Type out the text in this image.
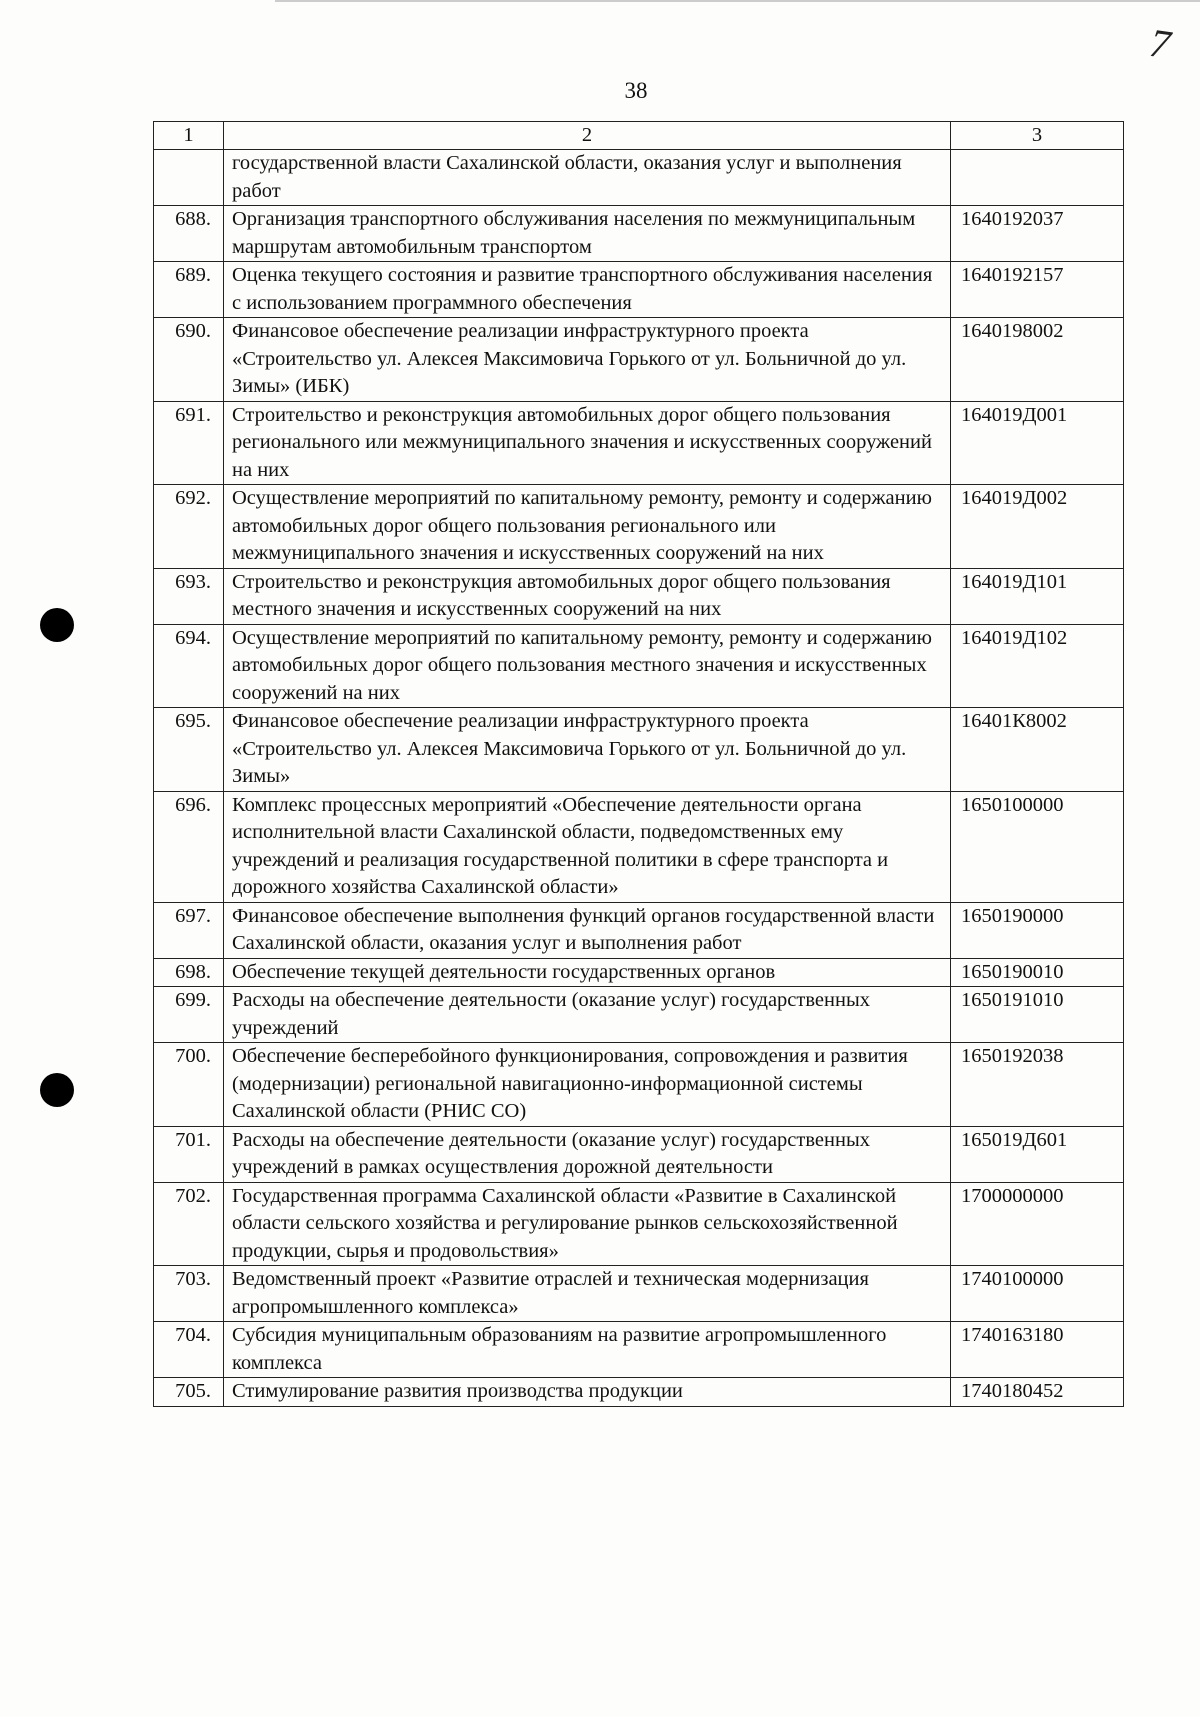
7
38
1	2	3
	государственной власти Сахалинской области, оказания услуг и выполнения работ	
688.	Организация транспортного обслуживания населения по межмуниципальным маршрутам автомобильным транспортом	1640192037
689.	Оценка текущего состояния и развитие транспортного обслуживания населения с использованием программного обеспечения	1640192157
690.	Финансовое обеспечение реализации инфраструктурного проекта «Строительство ул. Алексея Максимовича Горького от ул. Больничной до ул. Зимы» (ИБК)	1640198002
691.	Строительство и реконструкция автомобильных дорог общего пользования регионального или межмуниципального значения и искусственных сооружений на них	164019Д001
692.	Осуществление мероприятий по капитальному ремонту, ремонту и содержанию автомобильных дорог общего пользования регионального или межмуниципального значения и искусственных сооружений на них	164019Д002
693.	Строительство и реконструкция автомобильных дорог общего пользования местного значения и искусственных сооружений на них	164019Д101
694.	Осуществление мероприятий по капитальному ремонту, ремонту и содержанию автомобильных дорог общего пользования местного значения и искусственных сооружений на них	164019Д102
695.	Финансовое обеспечение реализации инфраструктурного проекта «Строительство ул. Алексея Максимовича Горького от ул. Больничной до ул. Зимы»	16401К8002
696.	Комплекс процессных мероприятий «Обеспечение деятельности органа исполнительной власти Сахалинской области, подведомственных ему учреждений и реализация государственной политики в сфере транспорта и дорожного хозяйства Сахалинской области»	1650100000
697.	Финансовое обеспечение выполнения функций органов государственной власти Сахалинской области, оказания услуг и выполнения работ	1650190000
698.	Обеспечение текущей деятельности государственных органов	1650190010
699.	Расходы на обеспечение деятельности (оказание услуг) государственных учреждений	1650191010
700.	Обеспечение бесперебойного функционирования, сопровождения и развития (модернизации) региональной навигационно-информационной системы Сахалинской области (РНИС СО)	1650192038
701.	Расходы на обеспечение деятельности (оказание услуг) государственных учреждений в рамках осуществления дорожной деятельности	165019Д601
702.	Государственная программа Сахалинской области «Развитие в Сахалинской области сельского хозяйства и регулирование рынков сельскохозяйственной продукции, сырья и продовольствия»	1700000000
703.	Ведомственный проект «Развитие отраслей и техническая модернизация агропромышленного комплекса»	1740100000
704.	Субсидия муниципальным образованиям на развитие агропромышленного комплекса	1740163180
705.	Стимулирование развития производства продукции	1740180452
